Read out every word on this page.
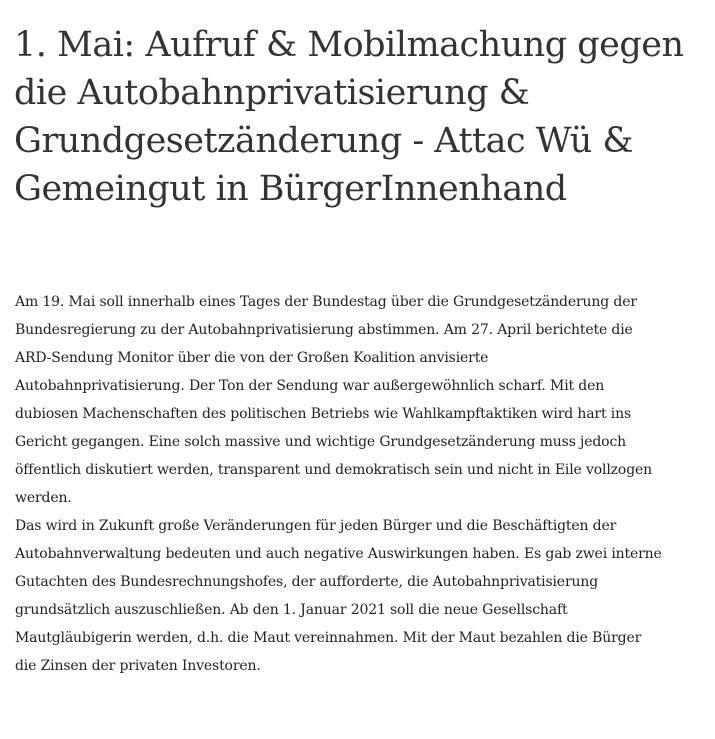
1. Mai: Aufruf & Mobilmachung gegen
die Autobahnprivatisierung &
Grundgesetzänderung - Attac Wü &
Gemeingut in BürgerInnenhand
Am 19. Mai soll innerhalb eines Tages der Bundestag über die Grundgesetzänderung der
Bundesregierung zu der Autobahnprivatisierung abstimmen. Am 27. April berichtete die
ARD-Sendung Monitor über die von der Großen Koalition anvisierte
Autobahnprivatisierung. Der Ton der Sendung war außergewöhnlich scharf. Mit den
dubiosen Machenschaften des politischen Betriebs wie Wahlkampftaktiken wird hart ins
Gericht gegangen. Eine solch massive und wichtige Grundgesetzänderung muss jedoch
öffentlich diskutiert werden, transparent und demokratisch sein und nicht in Eile vollzogen
werden.
Das wird in Zukunft große Veränderungen für jeden Bürger und die Beschäftigten der
Autobahnverwaltung bedeuten und auch negative Auswirkungen haben. Es gab zwei interne
Gutachten des Bundesrechnungshofes, der aufforderte, die Autobahnprivatisierung
grundsätzlich auszuschließen. Ab den 1. Januar 2021 soll die neue Gesellschaft
Mautgläubigerin werden, d.h. die Maut vereinnahmen. Mit der Maut bezahlen die Bürger
die Zinsen der privaten Investoren.
